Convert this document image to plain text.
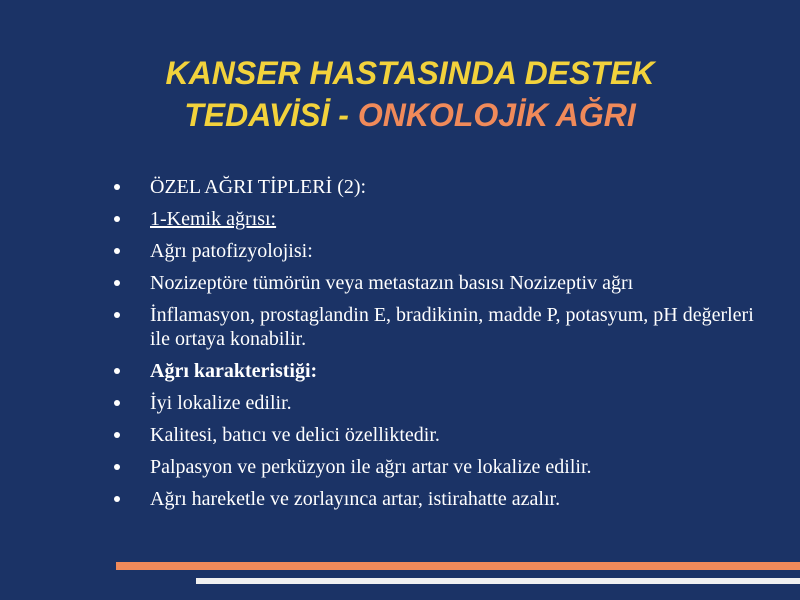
KANSER HASTASINDA DESTEK
TEDAVİSİ - ONKOLOJİK AĞRI
ÖZEL AĞRI TİPLERİ (2):
1-Kemik ağrısı:
Ağrı patofizyolojisi:
Nozizeptöre tümörün veya metastazın basısı Nozizeptiv ağrı
İnflamasyon, prostaglandin E, bradikinin, madde P, potasyum, pH değerleri ile ortaya konabilir.
Ağrı karakteristiği:
İyi lokalize edilir.
Kalitesi, batıcı ve delici özelliktedir.
Palpasyon ve perküzyon ile ağrı artar ve lokalize edilir.
Ağrı hareketle ve zorlayınca artar, istirahatte azalır.
